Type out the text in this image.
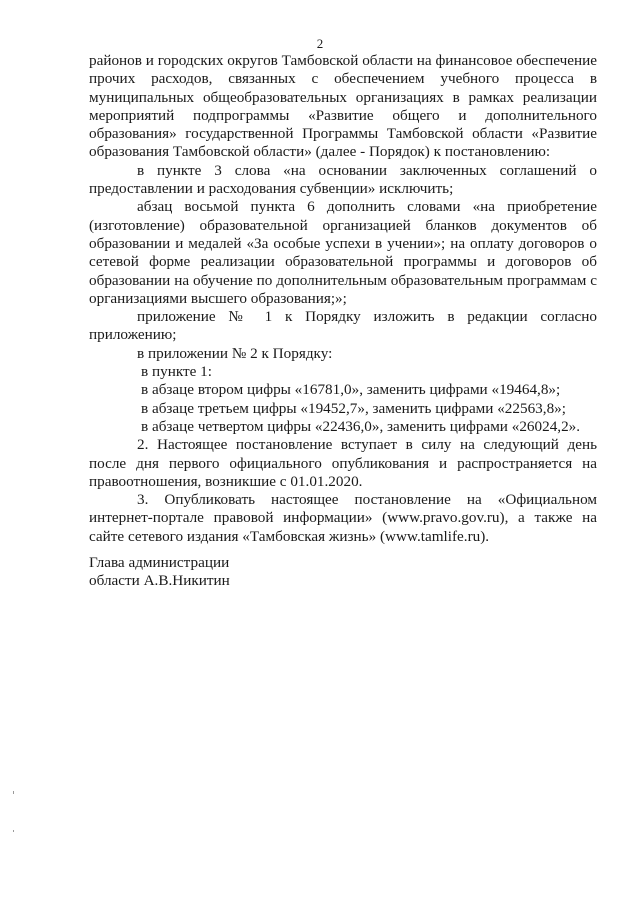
2

районов и городских округов Тамбовской области на финансовое обеспечение прочих расходов, связанных с обеспечением учебного процесса в муниципальных общеобразовательных организациях в рамках реализации мероприятий подпрограммы «Развитие общего и дополнительного образования» государственной Программы Тамбовской области «Развитие образования Тамбовской области» (далее - Порядок) к постановлению:

в пункте 3 слова «на основании заключенных соглашений о предоставлении и расходования субвенции» исключить;

абзац восьмой пункта 6 дополнить словами «на приобретение (изготовление) образовательной организацией бланков документов об образовании и медалей «За особые успехи в учении»; на оплату договоров о сетевой форме реализации образовательной программы и договоров об образовании на обучение по дополнительным образовательным программам с организациями высшего образования;»;

приложение № 1 к Порядку изложить в редакции согласно приложению;

в приложении № 2 к Порядку:

в пункте 1:

в абзаце втором цифры «16781,0», заменить цифрами «19464,8»;

в абзаце третьем цифры «19452,7», заменить цифрами «22563,8»;

в абзаце четвертом цифры «22436,0», заменить цифрами «26024,2».

2. Настоящее постановление вступает в силу на следующий день после дня первого официального опубликования и распространяется на правоотношения, возникшие с 01.01.2020.

3. Опубликовать настоящее постановление на «Официальном интернет-портале правовой информации» (www.pravo.gov.ru), а также на сайте сетевого издания «Тамбовская жизнь» (www.tamlife.ru).

Глава администрации
области А.В.Никитин
